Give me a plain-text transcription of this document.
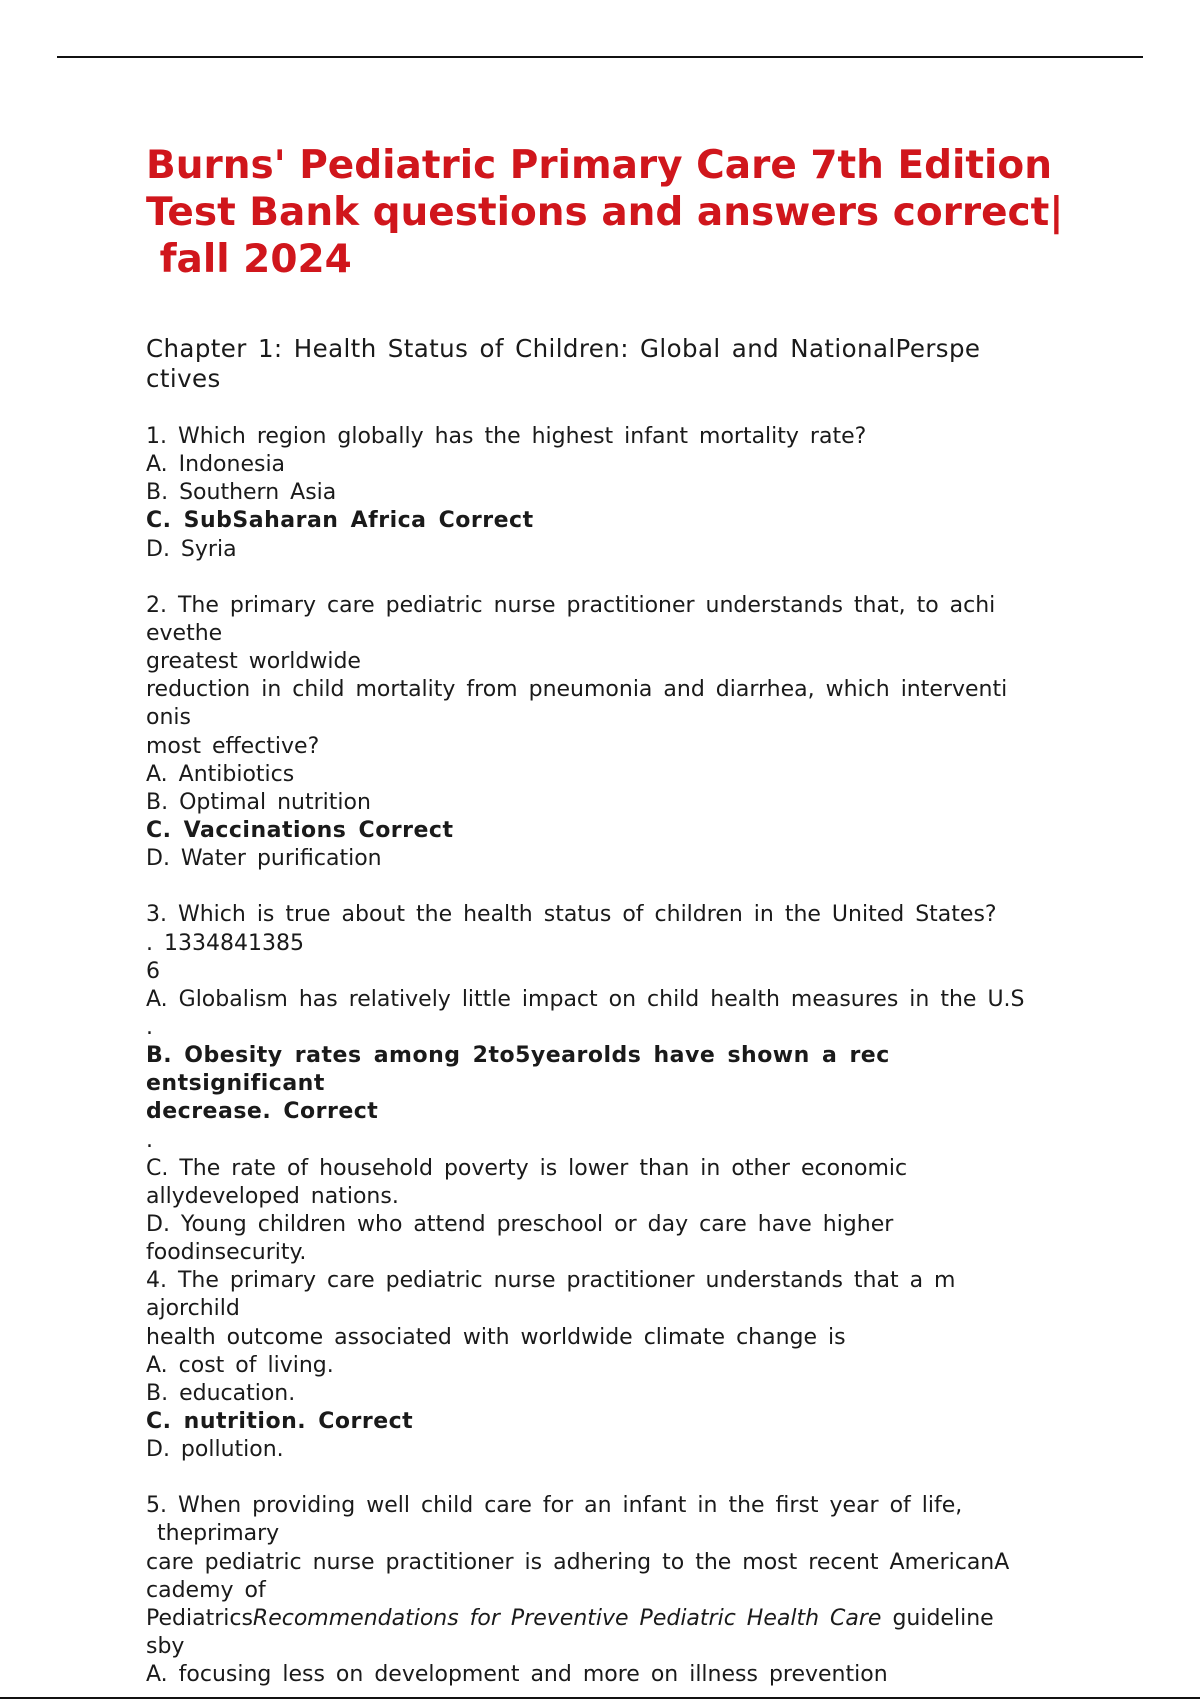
Burns' Pediatric Primary Care 7th Edition
Test Bank questions and answers correct|
fall 2024
Chapter 1: Health Status of Children: Global and NationalPerspe
ctives
1. Which region globally has the highest infant mortality rate?
A. Indonesia
B. Southern Asia
C. SubSaharan Africa Correct
D. Syria
2. The primary care pediatric nurse practitioner understands that, to achi
evethe
greatest worldwide
reduction in child mortality from pneumonia and diarrhea, which interventi
onis
most effective?
A. Antibiotics
B. Optimal nutrition
C. Vaccinations Correct
D. Water purification
3. Which is true about the health status of children in the United States?
. 1334841385
6
A. Globalism has relatively little impact on child health measures in the U.S
.
B. Obesity rates among 2to5yearolds have shown a rec
entsignificant
decrease. Correct
.
C. The rate of household poverty is lower than in other economic
allydeveloped nations.
D. Young children who attend preschool or day care have higher
foodinsecurity.
4. The primary care pediatric nurse practitioner understands that a m
ajorchild
health outcome associated with worldwide climate change is
A. cost of living.
B. education.
C. nutrition. Correct
D. pollution.
5. When providing well child care for an infant in the first year of life,
theprimary
care pediatric nurse practitioner is adhering to the most recent AmericanA
cademy of
PediatricsRecommendations for Preventive Pediatric Health Care guideline
sby
A. focusing less on development and more on illness prevention
